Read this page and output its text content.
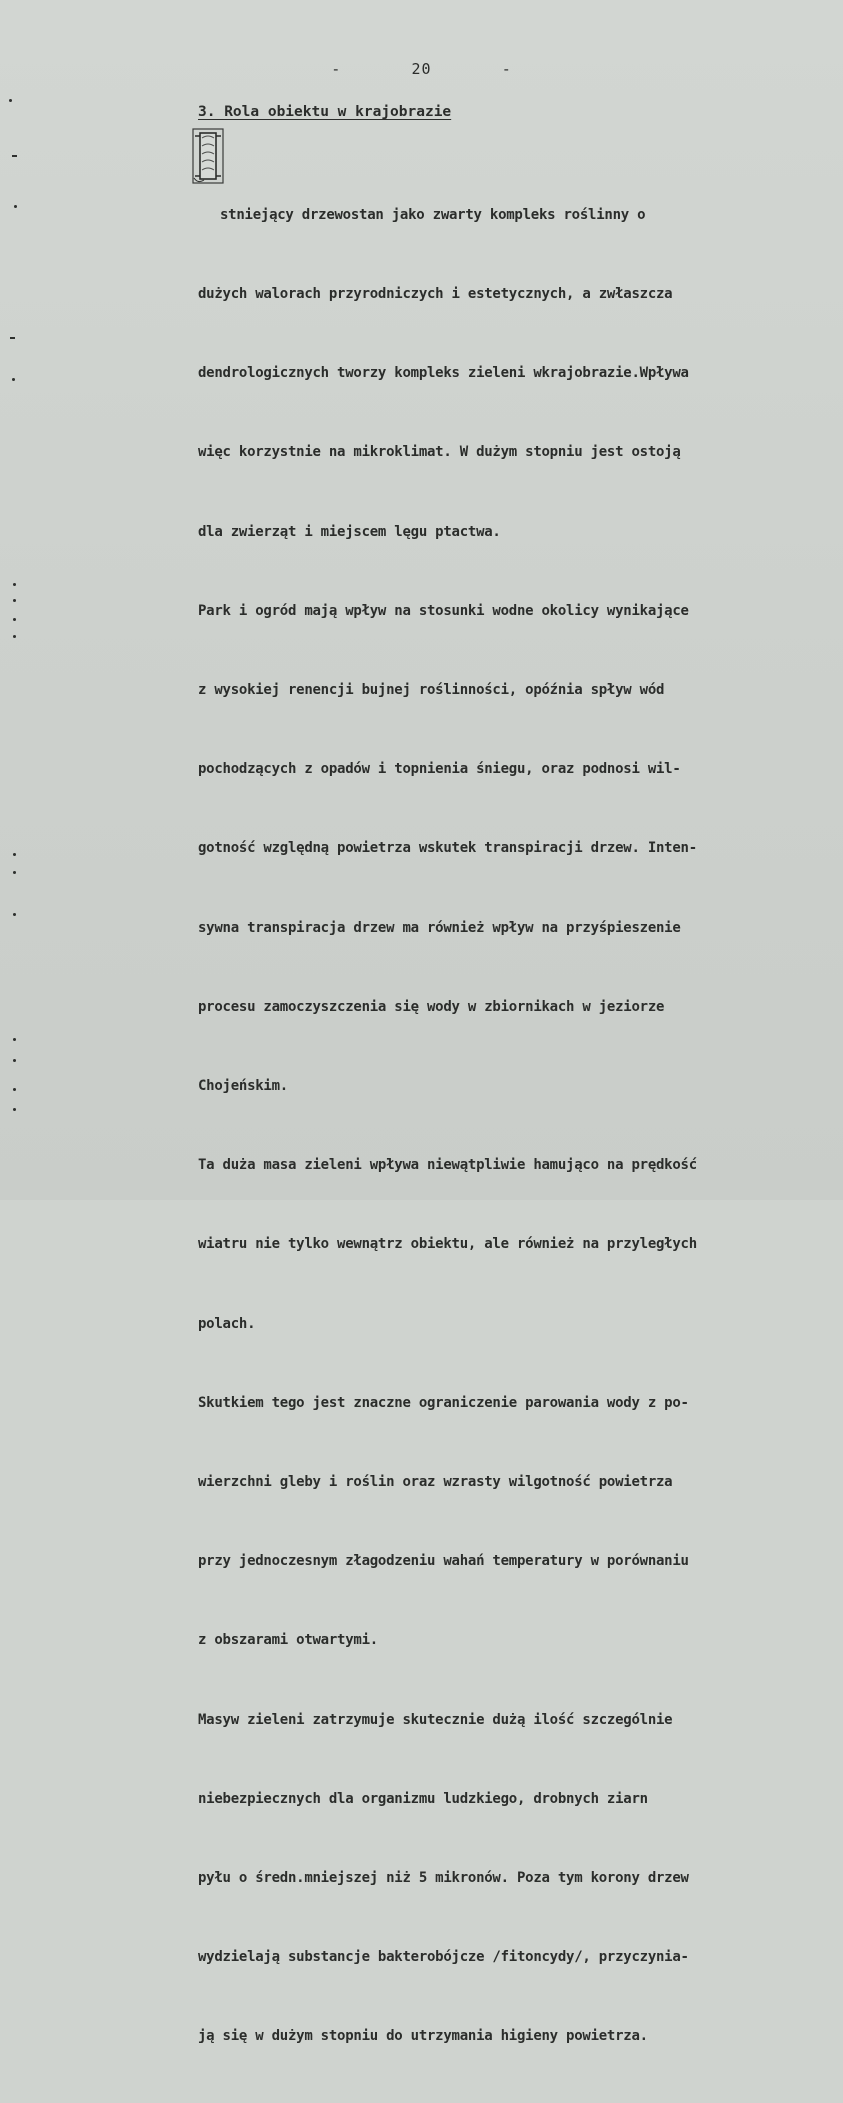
-       20       -
3. Rola obiektu w krajobrazie

stniejący drzewostan jako zwarty kompleks roślinny o

dużych walorach przyrodniczych i estetycznych, a zwłaszcza

dendrologicznych tworzy kompleks zieleni wkrajobrazie.Wpływa

więc korzystnie na mikroklimat. W dużym stopniu jest ostoją

dla zwierząt i miejscem lęgu ptactwa.

Park i ogród mają wpływ na stosunki wodne okolicy wynikające

z wysokiej renencji bujnej roślinności, opóźnia spływ wód

pochodzących z opadów i topnienia śniegu, oraz podnosi wil-

gotność względną powietrza wskutek transpiracji drzew. Inten-

sywna transpiracja drzew ma również wpływ na przyśpieszenie

procesu zamoczyszczenia się wody w zbiornikach w jeziorze

Chojeńskim.

Ta duża masa zieleni wpływa niewątpliwie hamująco na prędkość

wiatru nie tylko wewnątrz obiektu, ale również na przyległych

polach.

Skutkiem tego jest znaczne ograniczenie parowania wody z po-

wierzchni gleby i roślin oraz wzrasty wilgotność powietrza

przy jednoczesnym złagodzeniu wahań temperatury w porównaniu

z obszarami otwartymi.

Masyw zieleni zatrzymuje skutecznie dużą ilość szczególnie

niebezpiecznych dla organizmu ludzkiego, drobnych ziarn

pyłu o średn.mniejszej niż 5 mikronów. Poza tym korony drzew

wydzielają substancje bakterobójcze /fitoncydy/, przyczynia-

ją się w dużym stopniu do utrzymania higieny powietrza.
